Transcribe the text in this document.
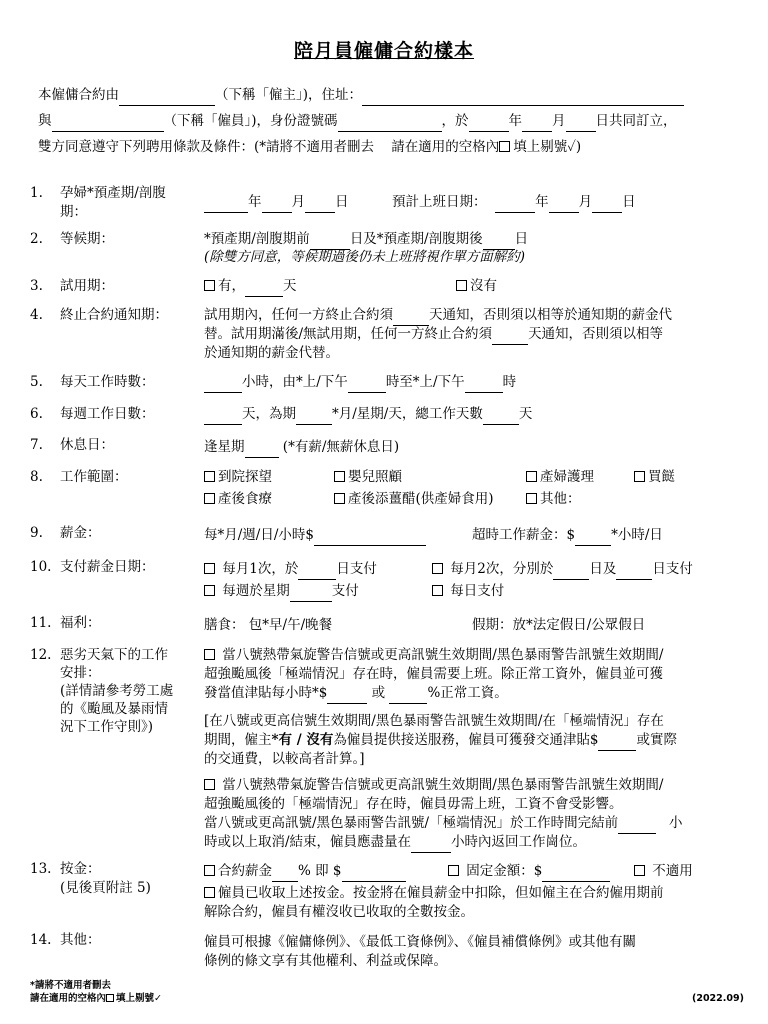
陪月員僱傭合約樣本
本僱傭合約由	（下稱「僱主」)，住址：
與	（下稱「僱員」)，身份證號碼	，於	年 月 日共同訂立，
雙方同意遵守下列聘用條款及條件：(*請將不適用者刪去 請在適用的空格內 填上剔號✓)
1. 孕婦*預產期/剖腹
期：
年 月 日	預計上班日期：	年 月 日
2. 等候期：	*預產期/剖腹期前	日及*預產期/剖腹期後 日
(除雙方同意，等候期過後仍未上班將視作單方面解約)
3. 試用期：	有，	天	沒有
4. 終止合約通知期：	試用期內，任何一方終止合約須	天通知，否則須以相等於通知期的薪金代
替。試用期滿後/無試用期，任何一方終止合約須	天通知，否則須以相等
於通知期的薪金代替。
5. 每天工作時數：	小時，由*上/下午	時至*上/下午	時
6. 每週工作日數：	天，為期	*月/星期/天，總工作天數	天
7. 休息日：	逢星期	(*有薪/無薪休息日)
8. 工作範圍：	到院探望	嬰兒照顧	產婦護理	買餸
產後食療	產後添薑醋(供產婦食用)	其他：
9. 薪金：	每*月/週/日/小時$	超時工作薪金：$	*小時/日
10. 支付薪金日期：	每月1次，於	日支付	每月2次，分別於	日及	日支付
每週於星期	支付	每日支付
11. 福利：	膳食： 包*早/午/晚餐	假期：放*法定假日/公眾假日
12. 惡劣天氣下的工作
安排：
(詳情請參考勞工處
的《颱風及暴雨情
況下工作守則》)
當八號熱帶氣旋警告信號或更高訊號生效期間/黑色暴雨警告訊號生效期間/
超強颱風後「極端情況」存在時，僱員需要上班。除正常工資外，僱員並可獲
發當值津貼每小時*$	或	%正常工資。
[在八號或更高信號生效期間/黑色暴雨警告訊號生效期間/在「極端情況」存在
期間，僱主*有 / 沒有為僱員提供接送服務，僱員可獲發交通津貼$	或實際
的交通費，以較高者計算。]
當八號熱帶氣旋警告信號或更高訊號生效期間/黑色暴雨警告訊號生效期間/
超強颱風後的「極端情況」存在時，僱員毋需上班，工資不會受影響。
當八號或更高訊號/黑色暴雨警告訊號/「極端情況」於工作時間完結前	小
時或以上取消/結束，僱員應盡量在	小時內返回工作崗位。
13. 按金：
(見後頁附註 5)
合約薪金 % 即 $	固定金額：$	不適用
僱員已收取上述按金。按金將在僱員薪金中扣除，但如僱主在合約僱用期前
解除合約，僱員有權沒收已收取的全數按金。
14. 其他：	僱員可根據《僱傭條例》、《最低工資條例》、《僱員補償條例》或其他有關
條例的條文享有其他權利、利益或保障。
*請將不適用者刪去
請在適用的空格內 填上剔號✓	(2022.09)
